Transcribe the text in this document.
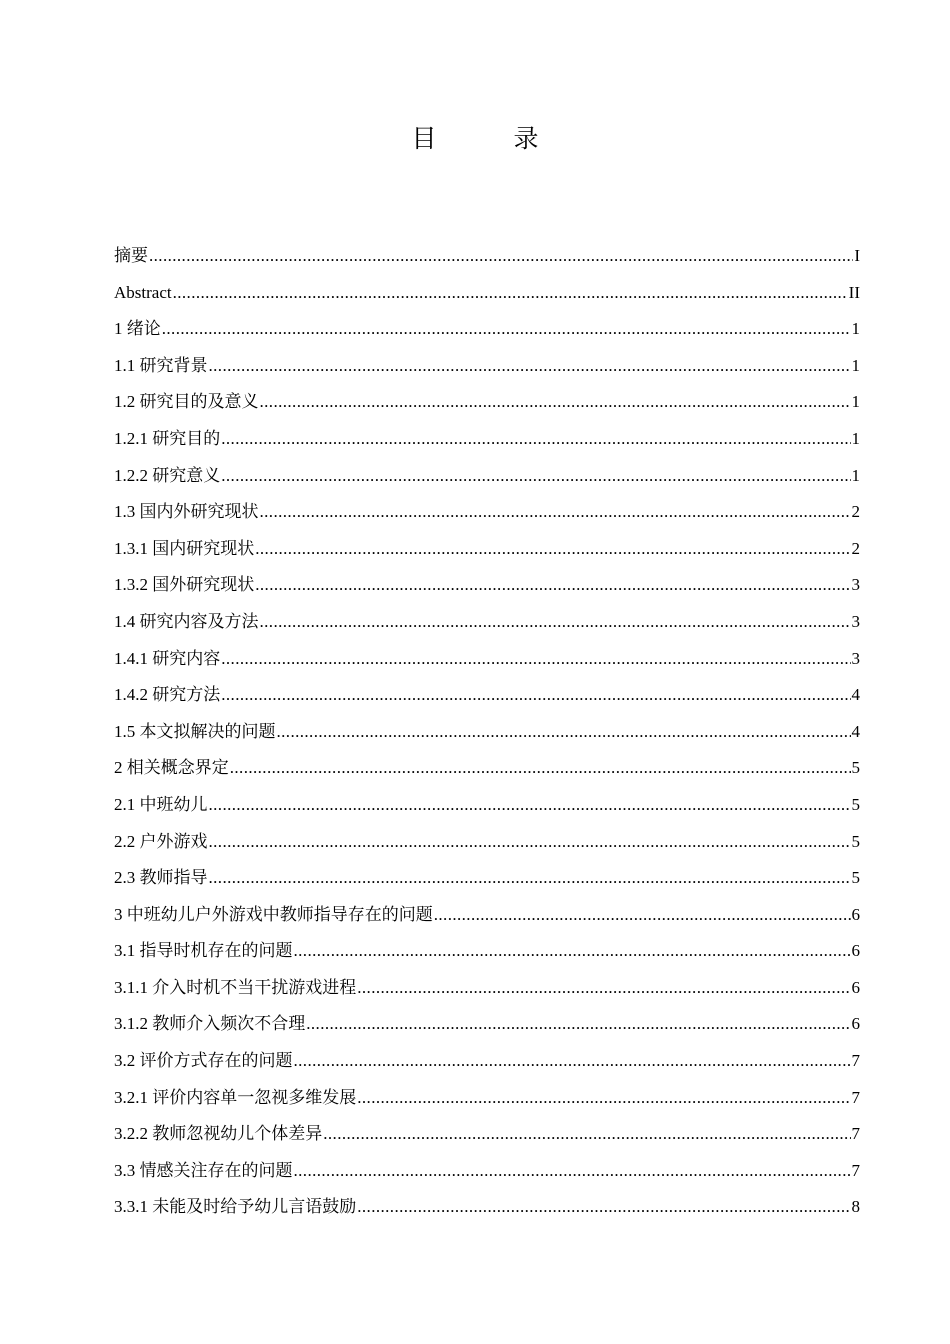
目　录
摘要 .....	I
Abstract .....	II
1 绪论 .....	1
1.1 研究背景 .....	1
1.2 研究目的及意义 .....	1
1.2.1 研究目的 .....	1
1.2.2 研究意义 .....	1
1.3 国内外研究现状 .....	2
1.3.1 国内研究现状 .....	2
1.3.2 国外研究现状 .....	3
1.4 研究内容及方法 .....	3
1.4.1 研究内容 .....	3
1.4.2 研究方法 .....	4
1.5 本文拟解决的问题 .....	4
2 相关概念界定 .....	5
2.1 中班幼儿 .....	5
2.2 户外游戏 .....	5
2.3 教师指导 .....	5
3 中班幼儿户外游戏中教师指导存在的问题 .....	6
3.1 指导时机存在的问题 .....	6
3.1.1 介入时机不当干扰游戏进程 .....	6
3.1.2 教师介入频次不合理 .....	6
3.2 评价方式存在的问题 .....	7
3.2.1 评价内容单一忽视多维发展 .....	7
3.2.2 教师忽视幼儿个体差异 .....	7
3.3 情感关注存在的问题 .....	7
3.3.1 未能及时给予幼儿言语鼓励 .....	8
